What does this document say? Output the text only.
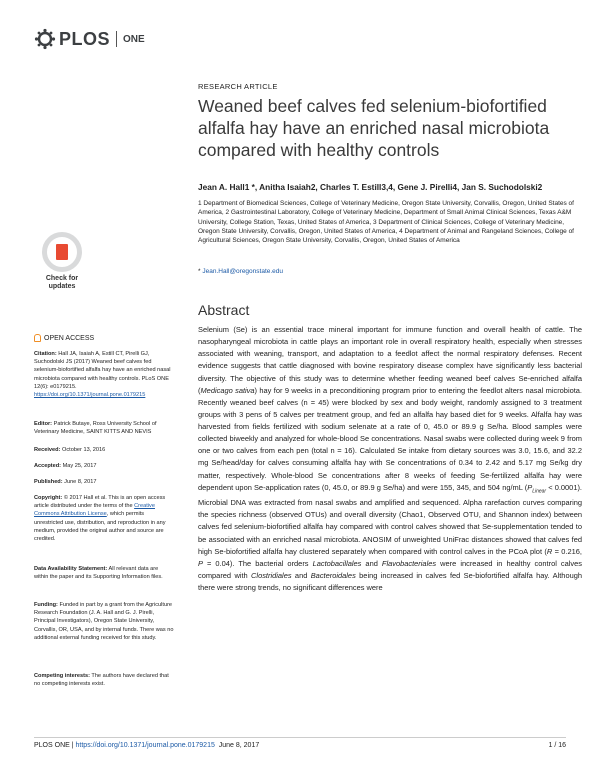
PLOS ONE
RESEARCH ARTICLE
Weaned beef calves fed selenium-biofortified alfalfa hay have an enriched nasal microbiota compared with healthy controls
Jean A. Hall1 *, Anitha Isaiah2, Charles T. Estill3,4, Gene J. Pirelli4, Jan S. Suchodolski2
1 Department of Biomedical Sciences, College of Veterinary Medicine, Oregon State University, Corvallis, Oregon, United States of America, 2 Gastrointestinal Laboratory, College of Veterinary Medicine, Department of Small Animal Clinical Sciences, Texas A&M University, College Station, Texas, United States of America, 3 Department of Clinical Sciences, College of Veterinary Medicine, Oregon State University, Corvallis, Oregon, United States of America, 4 Department of Animal and Rangeland Sciences, College of Agricultural Sciences, Oregon State University, Corvallis, Oregon, United States of America
* Jean.Hall@oregonstate.edu
Check for updates
OPEN ACCESS
Citation: Hall JA, Isaiah A, Estill CT, Pirelli GJ, Suchodolski JS (2017) Weaned beef calves fed selenium-biofortified alfalfa hay have an enriched nasal microbiota compared with healthy controls. PLoS ONE 12(6): e0179215. https://doi.org/10.1371/journal.pone.0179215
Editor: Patrick Butaye, Ross University School of Veterinary Medicine, SAINT KITTS AND NEVIS
Received: October 13, 2016
Accepted: May 25, 2017
Published: June 8, 2017
Copyright: © 2017 Hall et al. This is an open access article distributed under the terms of the Creative Commons Attribution License, which permits unrestricted use, distribution, and reproduction in any medium, provided the original author and source are credited.
Data Availability Statement: All relevant data are within the paper and its Supporting Information files.
Funding: Funded in part by a grant from the Agriculture Research Foundation (J. A. Hall and G. J. Pirelli, Principal Investigators), Oregon State University, Corvallis, OR, USA, and by internal funds. There was no additional external funding received for this study.
Competing interests: The authors have declared that no competing interests exist.
Abstract
Selenium (Se) is an essential trace mineral important for immune function and overall health of cattle. The nasopharyngeal microbiota in cattle plays an important role in overall respiratory health, especially when stresses associated with weaning, transport, and adaptation to a feedlot affect the normal respiratory defenses. Recent evidence suggests that cattle diagnosed with bovine respiratory disease complex have significantly less bacterial diversity. The objective of this study was to determine whether feeding weaned beef calves Se-enriched alfalfa (Medicago sativa) hay for 9 weeks in a preconditioning program prior to entering the feedlot alters nasal microbiota. Recently weaned beef calves (n = 45) were blocked by sex and body weight, randomly assigned to 3 treatment groups with 3 pens of 5 calves per treatment group, and fed an alfalfa hay based diet for 9 weeks. Alfalfa hay was harvested from fields fertilized with sodium selenate at a rate of 0, 45.0 or 89.9 g Se/ha. Blood samples were collected biweekly and analyzed for whole-blood Se concentrations. Nasal swabs were collected during week 9 from one or two calves from each pen (total n = 16). Calculated Se intake from dietary sources was 3.0, 15.6, and 32.2 mg Se/head/day for calves consuming alfalfa hay with Se concentrations of 0.34 to 2.42 and 5.17 mg Se/kg dry matter, respectively. Whole-blood Se concentrations after 8 weeks of feeding Se-fertilized alfalfa hay were dependent upon Se-application rates (0, 45.0, or 89.9 g Se/ha) and were 155, 345, and 504 ng/mL $(P_{Linear} < 0.0001)$. Microbial DNA was extracted from nasal swabs and amplified and sequenced. Alpha rarefaction curves comparing the species richness (observed OTUs) and overall diversity (Chao1, Observed OTU, and Shannon index) between calves fed selenium-biofortified alfalfa hay compared with control calves showed that Se-supplementation tended to be associated with an enriched nasal microbiota. ANOSIM of unweighted UniFrac distances showed that calves fed high Se-biofortified alfalfa hay clustered separately when compared with control calves in the PCoA plot (R = 0.216, P = 0.04). The bacterial orders Lactobacillales and Flavobacteriales were increased in healthy control calves compared with Clostridiales and Bacteroidales being increased in calves fed Se-biofortified alfalfa hay. Although there were strong trends, no significant differences were
PLOS ONE | https://doi.org/10.1371/journal.pone.0179215 June 8, 2017	1 / 16
